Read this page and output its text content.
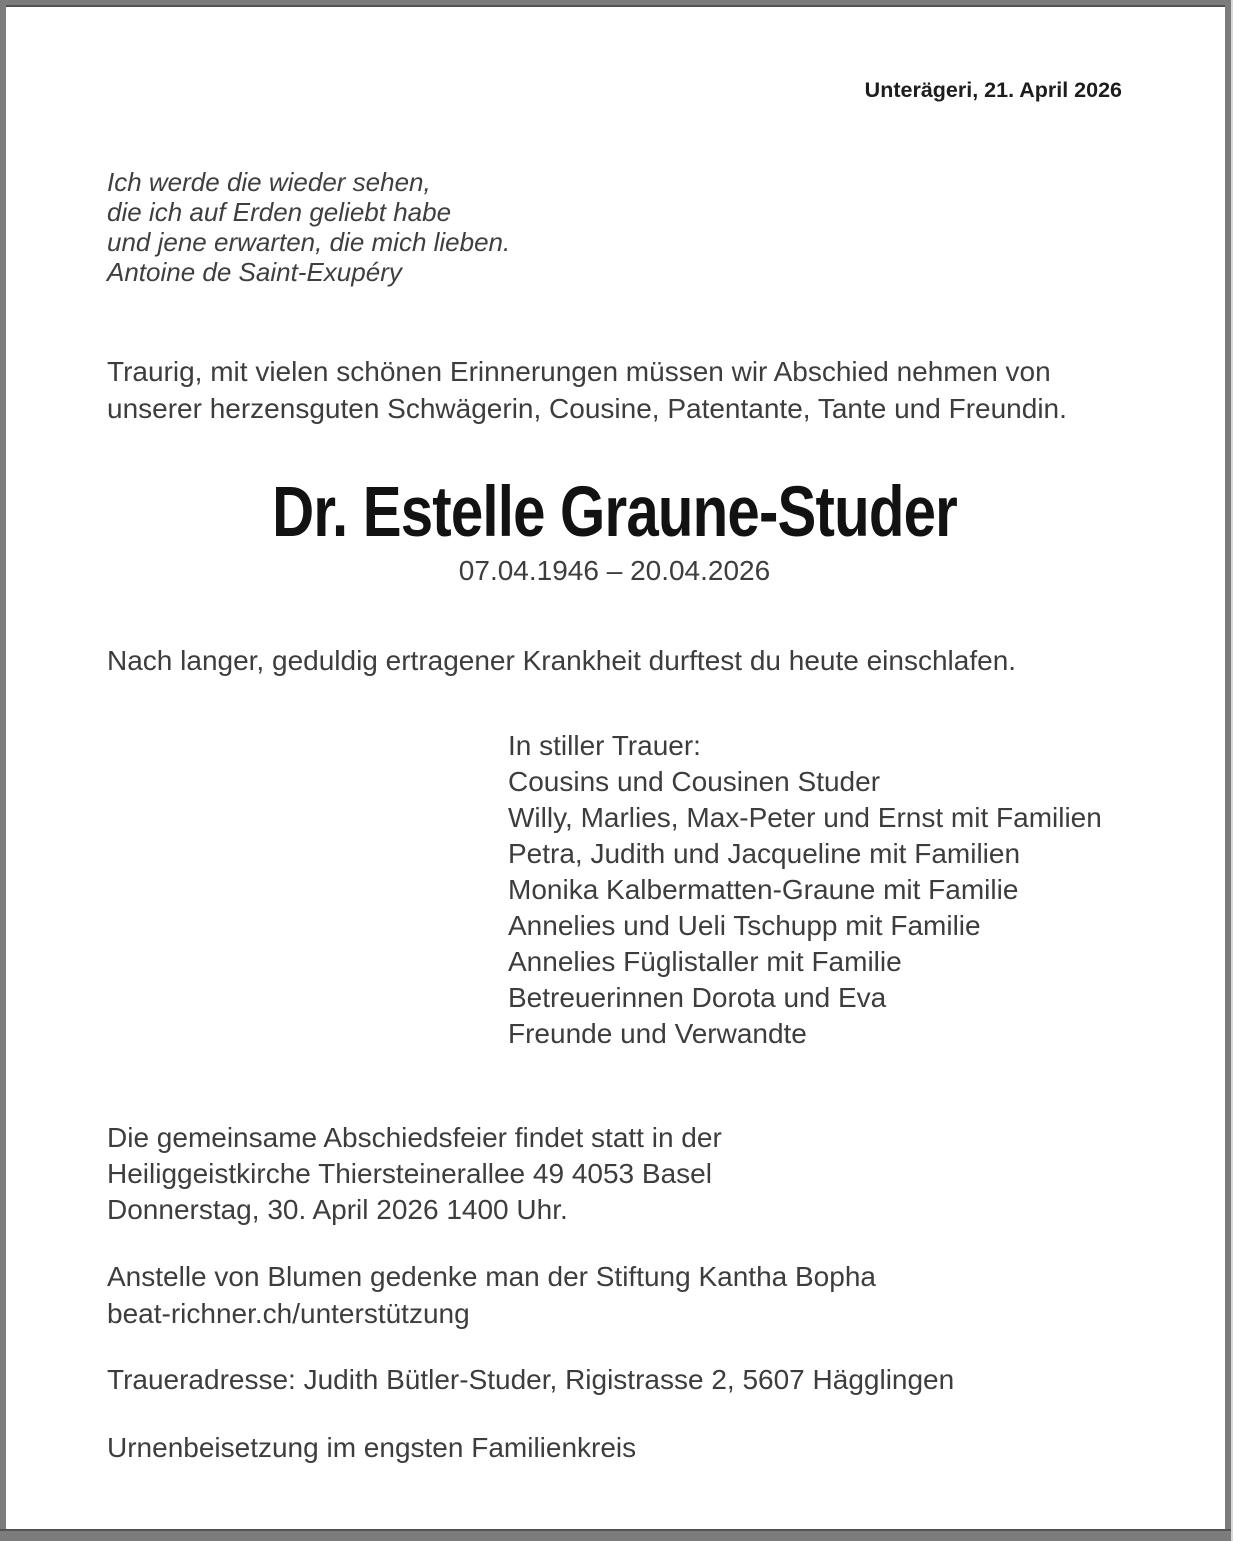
Unterägeri, 21. April 2026
Ich werde die wieder sehen,
die ich auf Erden geliebt habe
und jene erwarten, die mich lieben.
Antoine de Saint-Exupéry
Traurig, mit vielen schönen Erinnerungen müssen wir Abschied nehmen von
unserer herzensguten Schwägerin, Cousine, Patentante, Tante und Freundin.
Dr. Estelle Graune-Studer
07.04.1946 – 20.04.2026
Nach langer, geduldig ertragener Krankheit durftest du heute einschlafen.
In stiller Trauer:
Cousins und Cousinen Studer
Willy, Marlies, Max-Peter und Ernst mit Familien
Petra, Judith und Jacqueline mit Familien
Monika Kalbermatten-Graune mit Familie
Annelies und Ueli Tschupp mit Familie
Annelies Füglistaller mit Familie
Betreuerinnen Dorota und Eva
Freunde und Verwandte
Die gemeinsame Abschiedsfeier findet statt in der
Heiliggeistkirche Thiersteinerallee 49 4053 Basel
Donnerstag, 30. April 2026 1400 Uhr.
Anstelle von Blumen gedenke man der Stiftung Kantha Bopha
beat-richner.ch/unterstützung
Traueradresse: Judith Bütler-Studer, Rigistrasse 2, 5607 Hägglingen
Urnenbeisetzung im engsten Familienkreis
